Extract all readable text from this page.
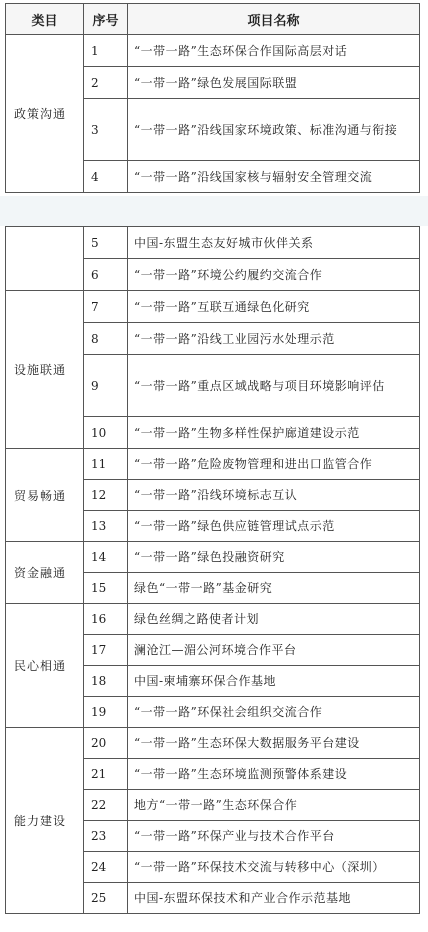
类目	序号	项目名称
政策沟通	1	“一带一路”生态环保合作国际高层对话
	2	“一带一路”绿色发展国际联盟
	3	“一带一路”沿线国家环境政策、标准沟通与衔接
	4	“一带一路”沿线国家核与辐射安全管理交流
	5	中国-东盟生态友好城市伙伴关系
	6	“一带一路”环境公约履约交流合作
设施联通	7	“一带一路”互联互通绿色化研究
	8	“一带一路”沿线工业园污水处理示范
	9	“一带一路”重点区域战略与项目环境影响评估
	10	“一带一路”生物多样性保护廊道建设示范
贸易畅通	11	“一带一路”危险废物管理和进出口监管合作
	12	“一带一路”沿线环境标志互认
	13	“一带一路”绿色供应链管理试点示范
资金融通	14	“一带一路”绿色投融资研究
	15	绿色“一带一路”基金研究
民心相通	16	绿色丝绸之路使者计划
	17	澜沧江—湄公河环境合作平台
	18	中国-柬埔寨环保合作基地
	19	“一带一路”环保社会组织交流合作
能力建设	20	“一带一路”生态环保大数据服务平台建设
	21	“一带一路”生态环境监测预警体系建设
	22	地方“一带一路”生态环保合作
	23	“一带一路”环保产业与技术合作平台
	24	“一带一路”环保技术交流与转移中心（深圳）
	25	中国-东盟环保技术和产业合作示范基地
